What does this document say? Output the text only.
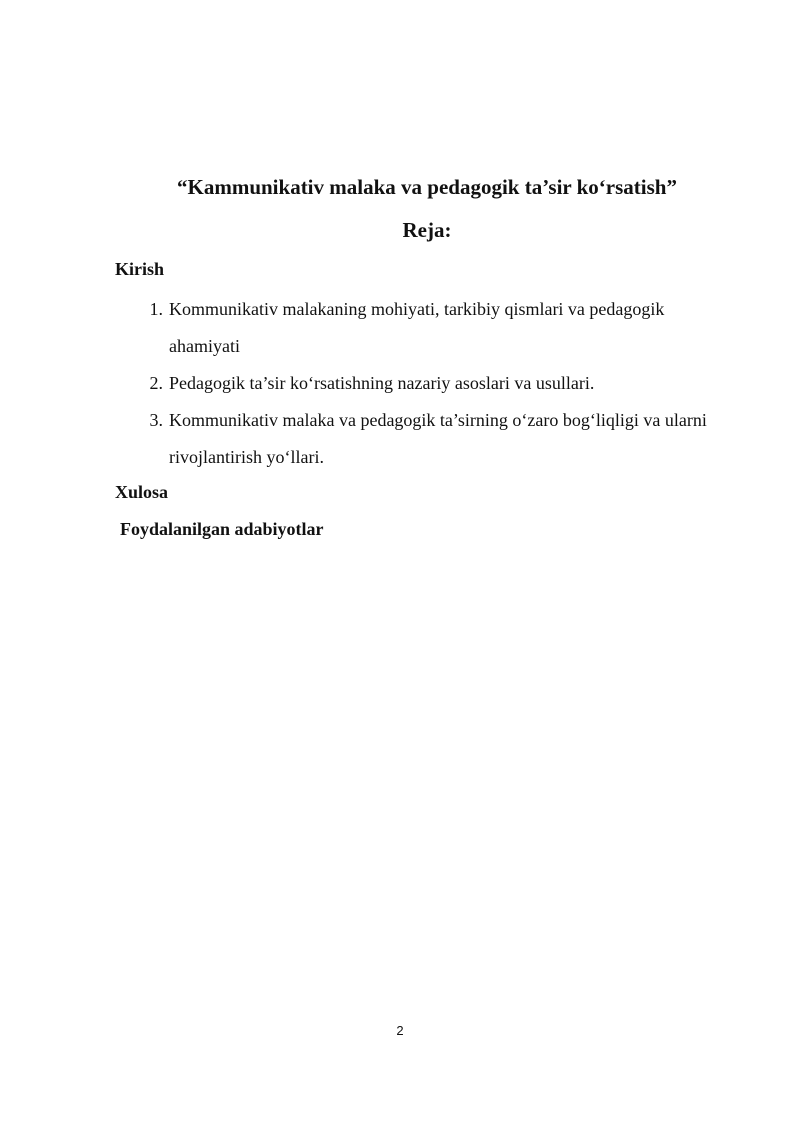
“Kammunikativ malaka va pedagogik ta’sir ko‘rsatish”
Reja:

Kirish

1. Kommunikativ malakaning mohiyati, tarkibiy qismlari va pedagogik ahamiyati
2. Pedagogik ta’sir ko‘rsatishning nazariy asoslari va usullari.
3. Kommunikativ malaka va pedagogik ta’sirning o‘zaro bog‘liqligi va ularni rivojlantirish yo‘llari.

Xulosa

Foydalanilgan adabiyotlar

2
